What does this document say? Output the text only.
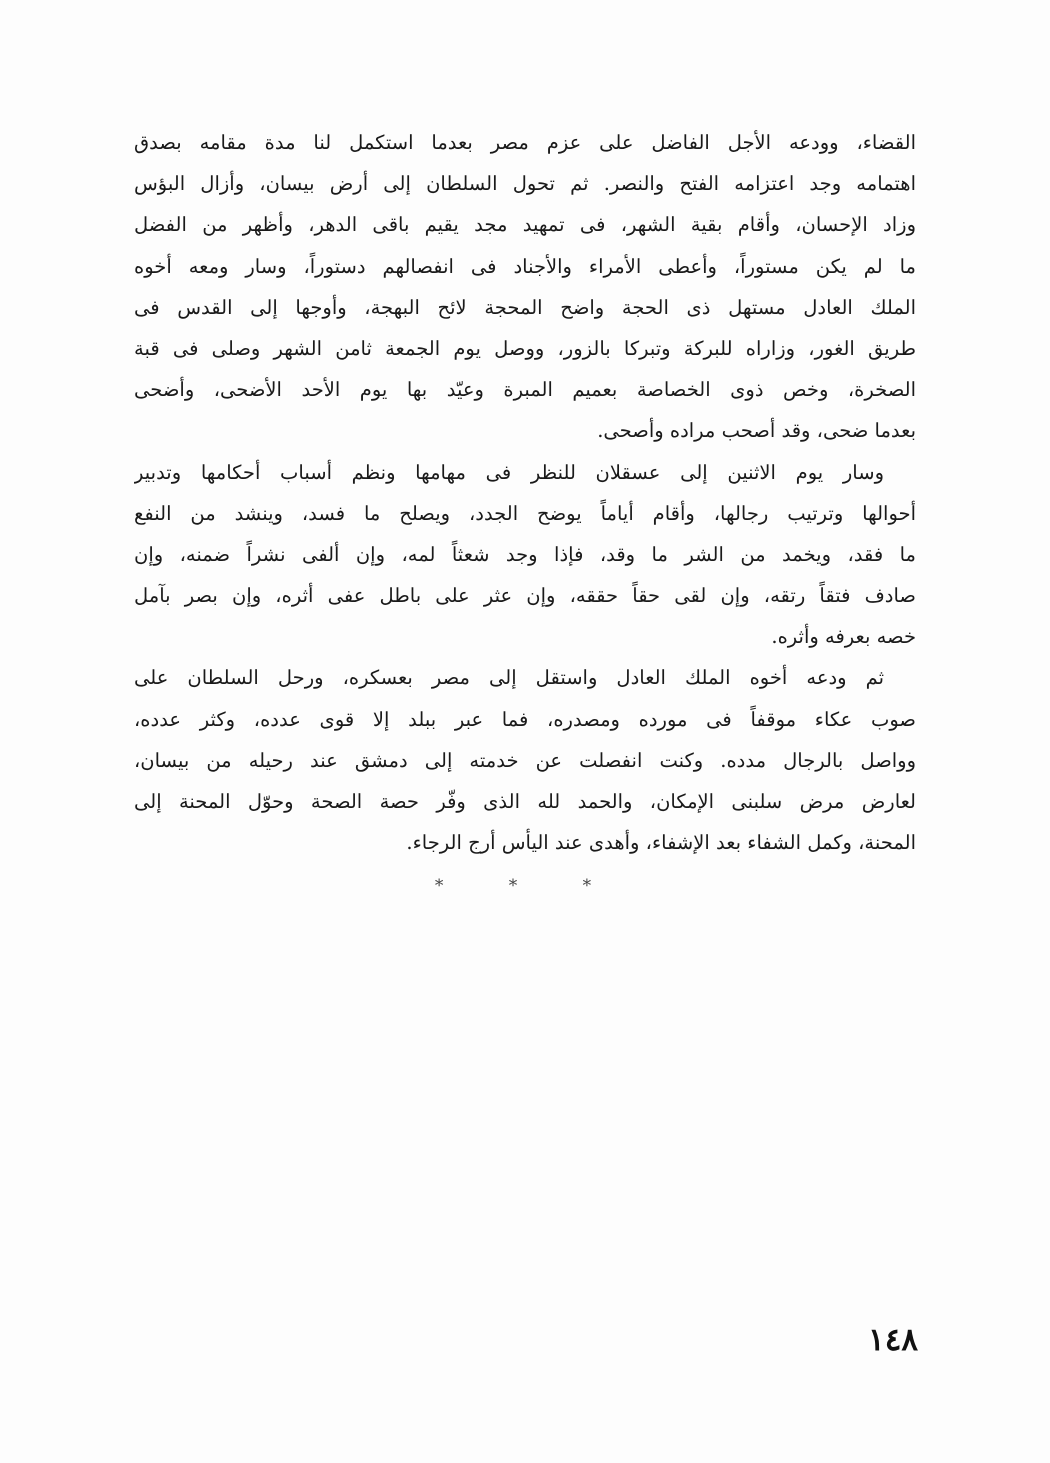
القضاء، وودعه الأجل الفاضل على عزم مصر بعدما استكمل لنا مدة مقامه بصدق
اهتمامه وجد اعتزامه الفتح والنصر. ثم تحول السلطان إلى أرض بيسان، وأزال البؤس
وزاد الإحسان، وأقام بقية الشهر، فى تمهيد مجد يقيم باقى الدهر، وأظهر من الفضل
ما لم يكن مستوراً، وأعطى الأمراء والأجناد فى انفصالهم دستوراً، وسار ومعه أخوه
الملك العادل مستهل ذى الحجة واضح المحجة لائح البهجة، وأوجها إلى القدس فى
طريق الغور، وزاراه للبركة وتبركا بالزور، ووصل يوم الجمعة ثامن الشهر وصلى فى قبة
الصخرة، وخص ذوى الخصاصة بعميم المبرة وعيّد بها يوم الأحد الأضحى، وأضحى
بعدما ضحى، وقد أصحب مراده وأصحى.
وسار يوم الاثنين إلى عسقلان للنظر فى مهامها ونظم أسباب أحكامها وتدبير
أحوالها وترتيب رجالها، وأقام أياماً يوضح الجدد، ويصلح ما فسد، وينشد من النفع
ما فقد، ويخمد من الشر ما وقد، فإذا وجد شعثاً لمه، وإن ألفى نشراً ضمنه، وإن
صادف فتقاً رتقه، وإن لقى حقاً حققه، وإن عثر على باطل عفى أثره، وإن بصر بآمل
خصه بعرفه وأثره.
ثم ودعه أخوه الملك العادل واستقل إلى مصر بعسكره، ورحل السلطان على
صوب عكاء موقفاً فى مورده ومصدره، فما عبر ببلد إلا قوى عدده، وكثر عدده،
وواصل بالرجال مدده. وكنت انفصلت عن خدمته إلى دمشق عند رحيله من بيسان،
لعارض مرض سلبنى الإمكان، والحمد لله الذى وفّر حصة الصحة وحوّل المحنة إلى
المحنة، وكمل الشفاء بعد الإشفاء، وأهدى عند اليأس أرج الرجاء.
* * *
١٤٨
